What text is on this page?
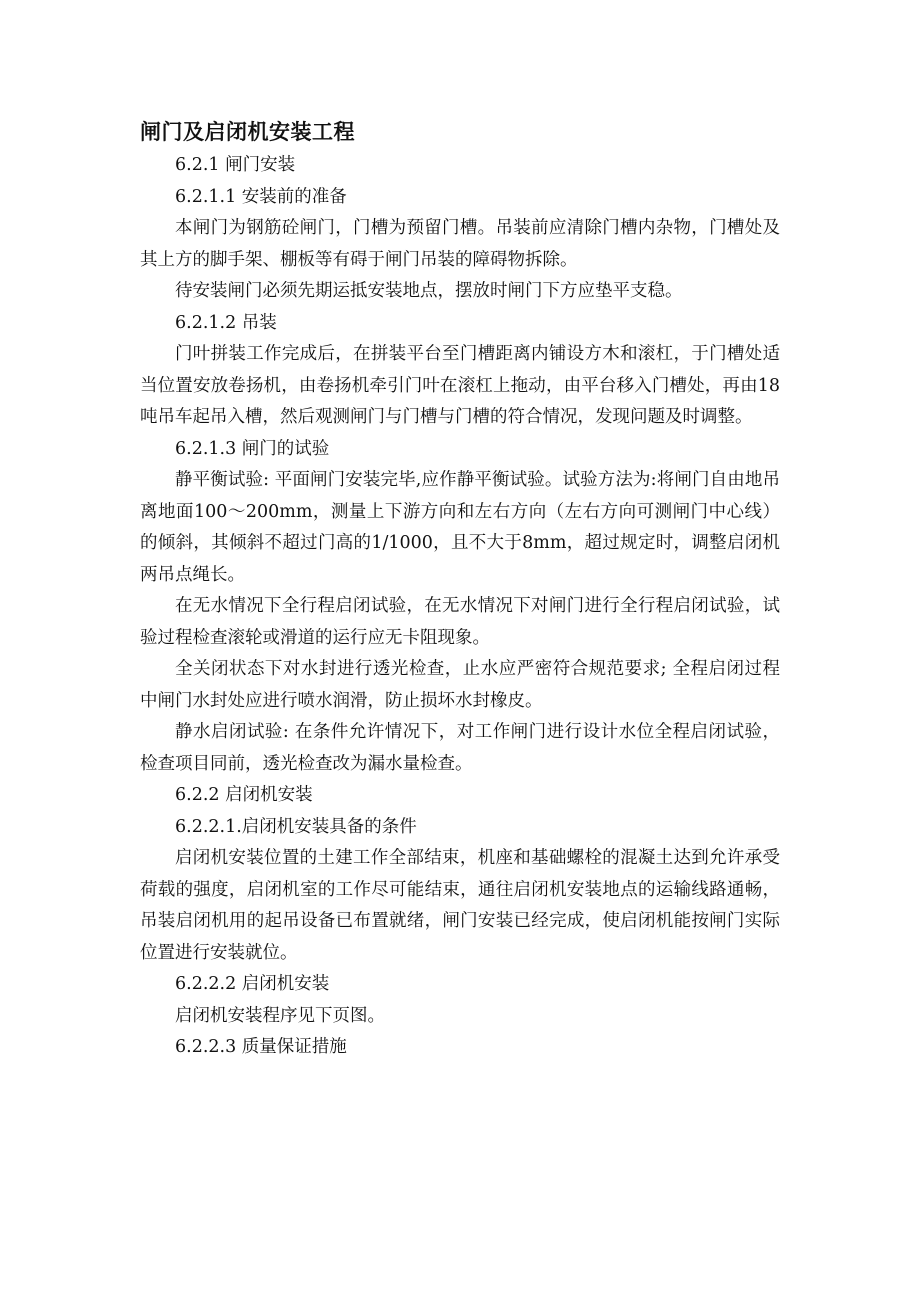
闸门及启闭机安装工程
6.2.1 闸门安装
6.2.1.1 安装前的准备

本闸门为钢筋砼闸门，门槽为预留门槽。吊装前应清除门槽内杂物，门槽处及其上方的脚手架、棚板等有碍于闸门吊装的障碍物拆除。

待安装闸门必须先期运抵安装地点，摆放时闸门下方应垫平支稳。

6.2.1.2 吊装

门叶拼装工作完成后，在拼装平台至门槽距离内铺设方木和滚杠，于门槽处适当位置安放卷扬机，由卷扬机牵引门叶在滚杠上拖动，由平台移入门槽处，再由18吨吊车起吊入槽，然后观测闸门与门槽与门槽的符合情况，发现问题及时调整。

6.2.1.3 闸门的试验

静平衡试验: 平面闸门安装完毕,应作静平衡试验。试验方法为:将闸门自由地吊离地面100～200mm，测量上下游方向和左右方向（左右方向可测闸门中心线）的倾斜，其倾斜不超过门高的1/1000，且不大于8mm，超过规定时，调整启闭机两吊点绳长。

在无水情况下全行程启闭试验，在无水情况下对闸门进行全行程启闭试验，试验过程检查滚轮或滑道的运行应无卡阻现象。

全关闭状态下对水封进行透光检查，止水应严密符合规范要求; 全程启闭过程中闸门水封处应进行喷水润滑，防止损坏水封橡皮。

静水启闭试验: 在条件允许情况下，对工作闸门进行设计水位全程启闭试验，检查项目同前，透光检查改为漏水量检查。

6.2.2 启闭机安装
6.2.2.1.启闭机安装具备的条件

启闭机安装位置的土建工作全部结束，机座和基础螺栓的混凝土达到允许承受荷载的强度，启闭机室的工作尽可能结束，通往启闭机安装地点的运输线路通畅，吊装启闭机用的起吊设备已布置就绪，闸门安装已经完成，使启闭机能按闸门实际位置进行安装就位。

6.2.2.2 启闭机安装

启闭机安装程序见下页图。

6.2.2.3 质量保证措施
